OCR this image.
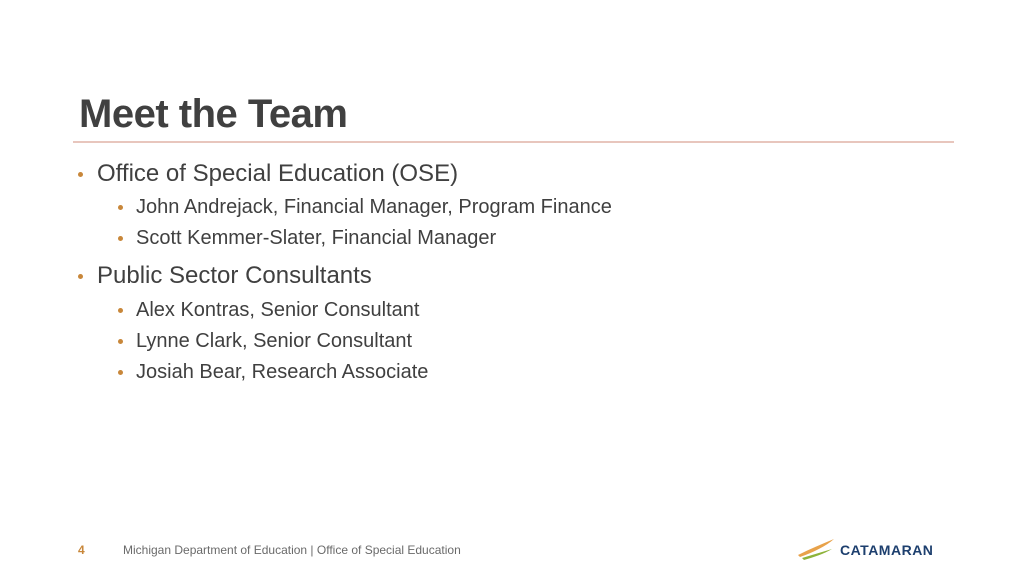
Meet the Team
Office of Special Education (OSE)
John Andrejack, Financial Manager, Program Finance
Scott Kemmer-Slater, Financial Manager
Public Sector Consultants
Alex Kontras, Senior Consultant
Lynne Clark, Senior Consultant
Josiah Bear, Research Associate
4	Michigan Department of Education | Office of Special Education	CATAMARAN
